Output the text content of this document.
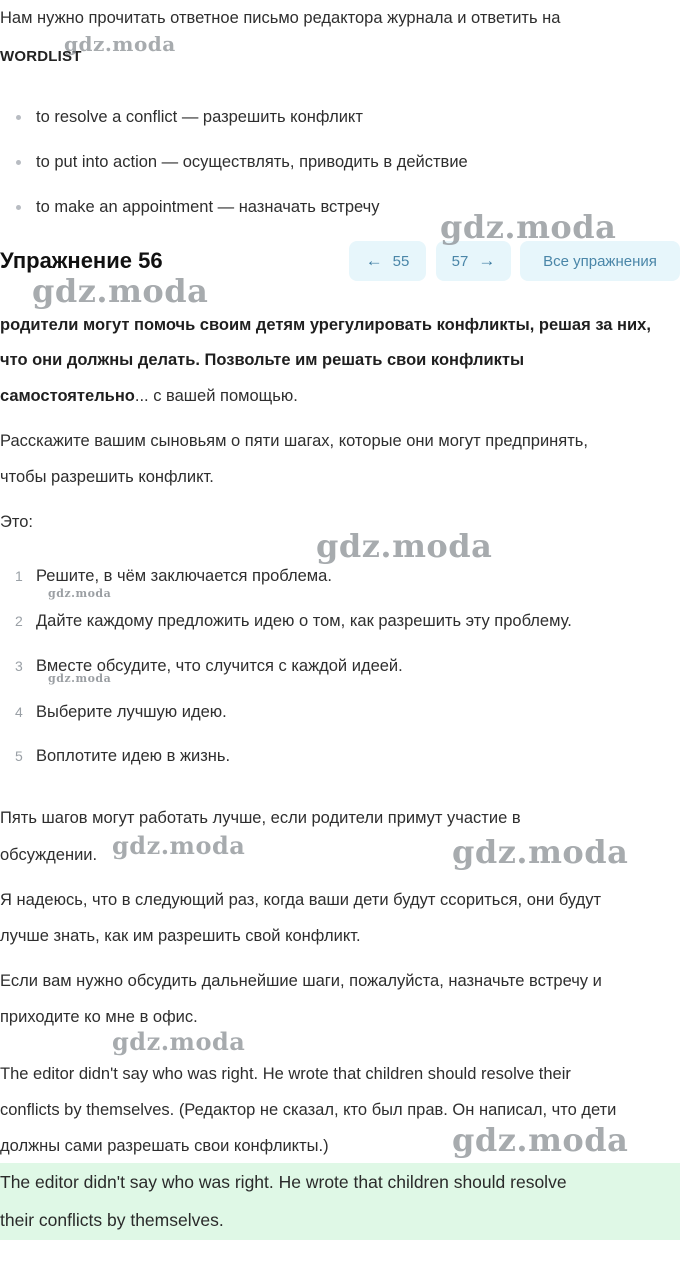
Нам нужно прочитать ответное письмо редактора журнала и ответить на

WORDLIST
to resolve a conflict — разрешить конфликт
to put into action — осуществлять, приводить в действие
to make an appointment — назначать встречу
Упражнение 56	← 55	57 →	Все упражнения

родители могут помочь своим детям урегулировать конфликты, решая за них,

что они должны делать. Позвольте им решать свои конфликты

самостоятельно... с вашей помощью.

Расскажите вашим сыновьям о пяти шагах, которые они могут предпринять,

чтобы разрешить конфликт.

Это:

1 Решите, в чём заключается проблема.
2 Дайте каждому предложить идею о том, как разрешить эту проблему.
3 Вместе обсудите, что случится с каждой идеей.
4 Выберите лучшую идею.
5 Воплотите идею в жизнь.

Пять шагов могут работать лучше, если родители примут участие в

обсуждении.

Я надеюсь, что в следующий раз, когда ваши дети будут ссориться, они будут

лучше знать, как им разрешить свой конфликт.

Если вам нужно обсудить дальнейшие шаги, пожалуйста, назначьте встречу и

приходите ко мне в офис.

The editor didn't say who was right. He wrote that children should resolve their

conflicts by themselves. (Редактор не сказал, кто был прав. Он написал, что дети

должны сами разрешать свои конфликты.)

The editor didn't say who was right. He wrote that children should resolve

their conflicts by themselves.

gdz.moda
gdz.moda
gdz.moda
gdz.moda
gdz.moda
gdz.moda
gdz.moda	gdz.moda
gdz.moda
gdz.moda
